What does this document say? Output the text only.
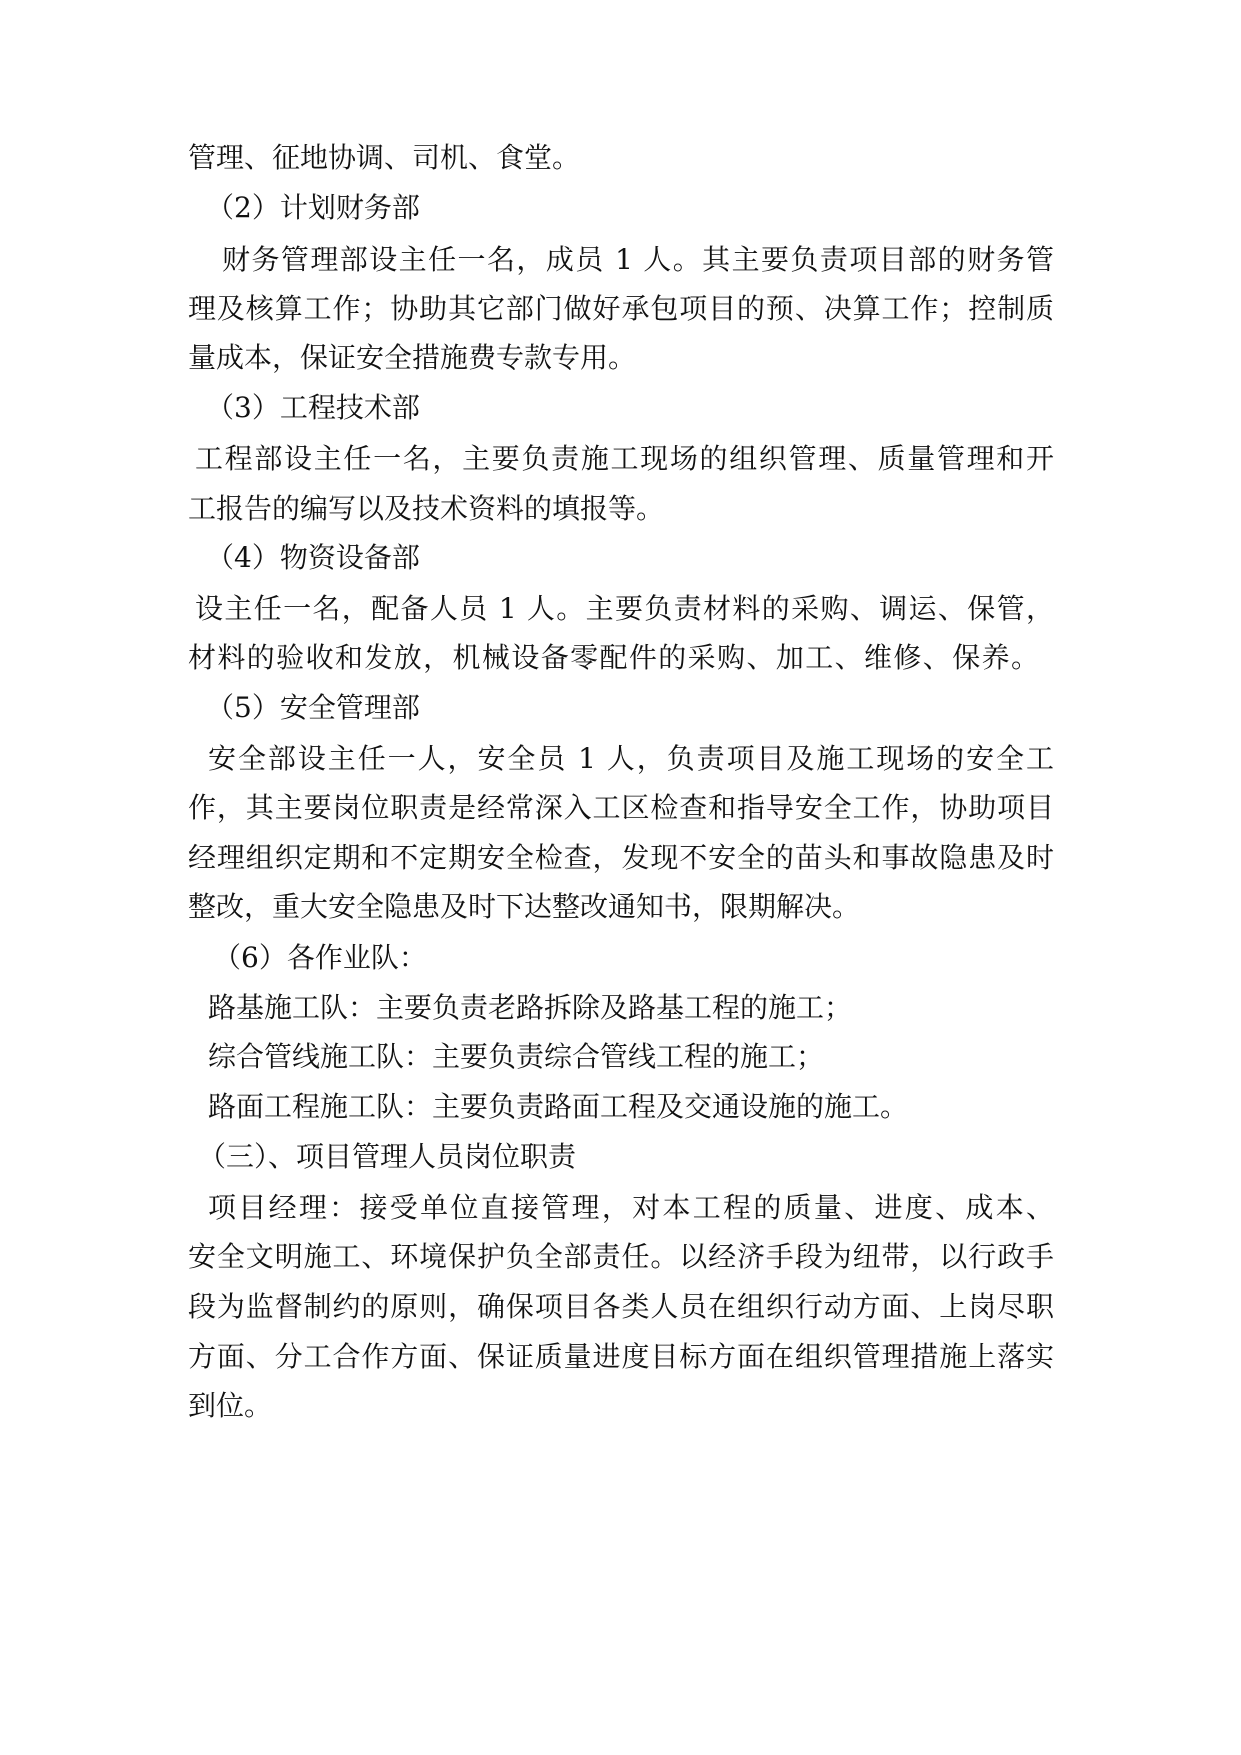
管理、征地协调、司机、食堂。

（2）计划财务部

财务管理部设主任一名，成员 1 人。其主要负责项目部的财务管

理及核算工作；协助其它部门做好承包项目的预、决算工作；控制质

量成本，保证安全措施费专款专用。

（3）工程技术部

工程部设主任一名，主要负责施工现场的组织管理、质量管理和开

工报告的编写以及技术资料的填报等。

（4）物资设备部

设主任一名，配备人员 1 人。主要负责材料的采购、调运、保管，

材料的验收和发放，机械设备零配件的采购、加工、维修、保养。

（5）安全管理部

安全部设主任一人，安全员 1 人，负责项目及施工现场的安全工

作，其主要岗位职责是经常深入工区检查和指导安全工作，协助项目

经理组织定期和不定期安全检查，发现不安全的苗头和事故隐患及时

整改，重大安全隐患及时下达整改通知书，限期解决。

（6）各作业队：

路基施工队：主要负责老路拆除及路基工程的施工；

综合管线施工队：主要负责综合管线工程的施工；

路面工程施工队：主要负责路面工程及交通设施的施工。

（三）、项目管理人员岗位职责

项目经理：接受单位直接管理，对本工程的质量、进度、成本、

安全文明施工、环境保护负全部责任。以经济手段为纽带，以行政手

段为监督制约的原则，确保项目各类人员在组织行动方面、上岗尽职

方面、分工合作方面、保证质量进度目标方面在组织管理措施上落实

到位。
